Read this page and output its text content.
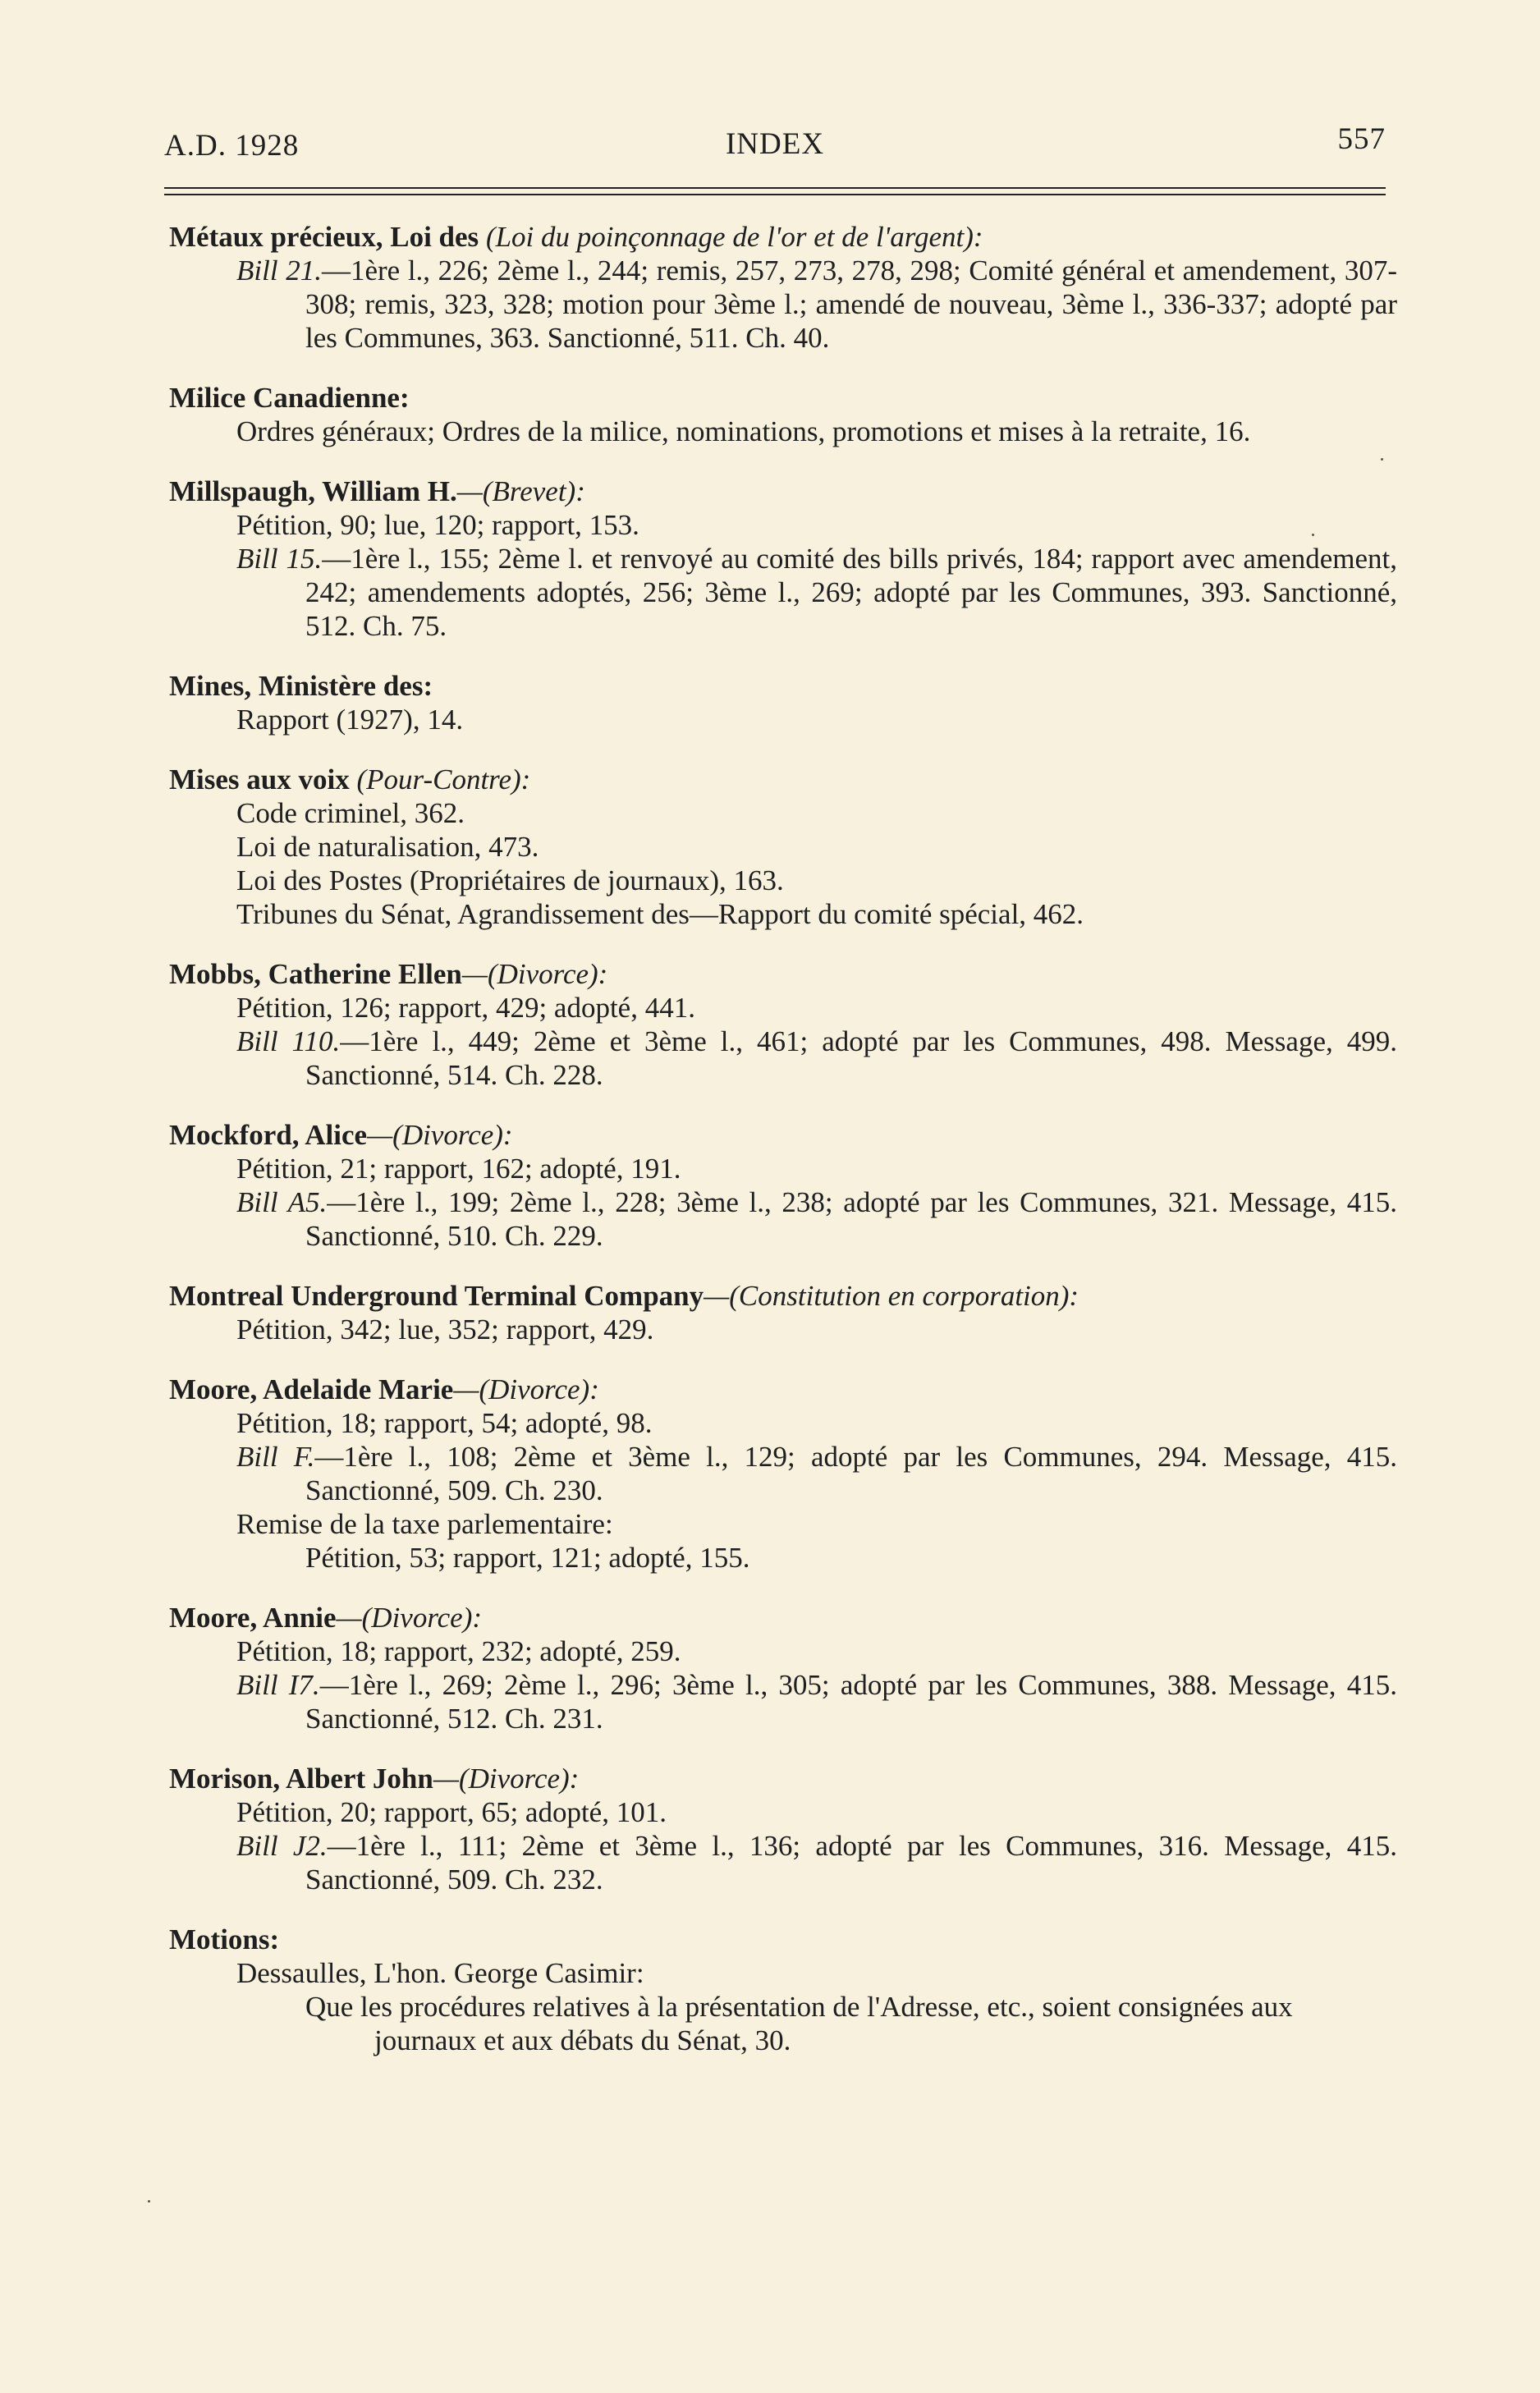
A.D. 1928	INDEX	557
Métaux précieux, Loi des (Loi du poinçonnage de l'or et de l'argent):
Bill 21.—1ère l., 226; 2ème l., 244; remis, 257, 273, 278, 298; Comité général et amendement, 307-308; remis, 323, 328; motion pour 3ème l.; amendé de nouveau, 3ème l., 336-337; adopté par les Communes, 363. Sanctionné, 511. Ch. 40.
Milice Canadienne:
Ordres généraux; Ordres de la milice, nominations, promotions et mises à la retraite, 16.
Millspaugh, William H.—(Brevet):
Pétition, 90; lue, 120; rapport, 153.
Bill 15.—1ère l., 155; 2ème l. et renvoyé au comité des bills privés, 184; rapport avec amendement, 242; amendements adoptés, 256; 3ème l., 269; adopté par les Communes, 393. Sanctionné, 512. Ch. 75.
Mines, Ministère des:
Rapport (1927), 14.
Mises aux voix (Pour-Contre):
Code criminel, 362.
Loi de naturalisation, 473.
Loi des Postes (Propriétaires de journaux), 163.
Tribunes du Sénat, Agrandissement des—Rapport du comité spécial, 462.
Mobbs, Catherine Ellen—(Divorce):
Pétition, 126; rapport, 429; adopté, 441.
Bill 110.—1ère l., 449; 2ème et 3ème l., 461; adopté par les Communes, 498. Message, 499. Sanctionné, 514. Ch. 228.
Mockford, Alice—(Divorce):
Pétition, 21; rapport, 162; adopté, 191.
Bill A5.—1ère l., 199; 2ème l., 228; 3ème l., 238; adopté par les Communes, 321. Message, 415. Sanctionné, 510. Ch. 229.
Montreal Underground Terminal Company—(Constitution en corporation):
Pétition, 342; lue, 352; rapport, 429.
Moore, Adelaide Marie—(Divorce):
Pétition, 18; rapport, 54; adopté, 98.
Bill F.—1ère l., 108; 2ème et 3ème l., 129; adopté par les Communes, 294. Message, 415. Sanctionné, 509. Ch. 230.
Remise de la taxe parlementaire:
Pétition, 53; rapport, 121; adopté, 155.
Moore, Annie—(Divorce):
Pétition, 18; rapport, 232; adopté, 259.
Bill I7.—1ère l., 269; 2ème l., 296; 3ème l., 305; adopté par les Communes, 388. Message, 415. Sanctionné, 512. Ch. 231.
Morison, Albert John—(Divorce):
Pétition, 20; rapport, 65; adopté, 101.
Bill J2.—1ère l., 111; 2ème et 3ème l., 136; adopté par les Communes, 316. Message, 415. Sanctionné, 509. Ch. 232.
Motions:
Dessaulles, L'hon. George Casimir:
Que les procédures relatives à la présentation de l'Adresse, etc., soient consignées aux journaux et aux débats du Sénat, 30.
